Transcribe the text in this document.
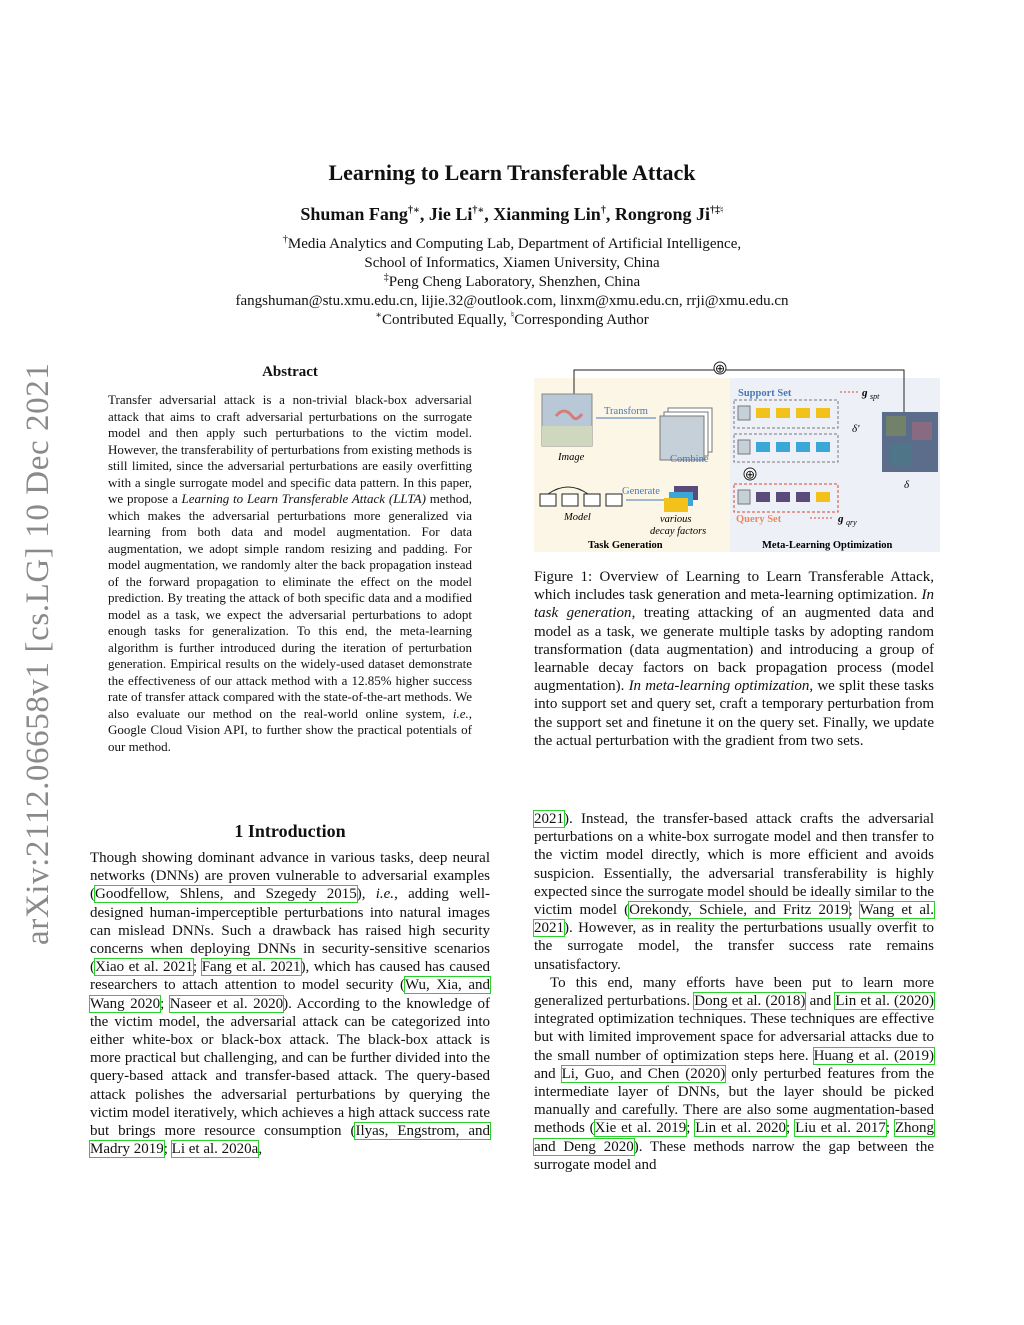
arXiv:2112.06658v1 [cs.LG] 10 Dec 2021
Learning to Learn Transferable Attack
Shuman Fang†∗, Jie Li†∗, Xianming Lin†, Rongrong Ji†‡♮
†Media Analytics and Computing Lab, Department of Artificial Intelligence,
School of Informatics, Xiamen University, China
‡Peng Cheng Laboratory, Shenzhen, China
fangshuman@stu.xmu.edu.cn, lijie.32@outlook.com, linxm@xmu.edu.cn, rrji@xmu.edu.cn
∗Contributed Equally, ♮Corresponding Author
Abstract
Transfer adversarial attack is a non-trivial black-box adversarial attack that aims to craft adversarial perturbations on the surrogate model and then apply such perturbations to the victim model. However, the transferability of perturbations from existing methods is still limited, since the adversarial perturbations are easily overfitting with a single surrogate model and specific data pattern. In this paper, we propose a Learning to Learn Transferable Attack (LLTA) method, which makes the adversarial perturbations more generalized via learning from both data and model augmentation. For data augmentation, we adopt simple random resizing and padding. For model augmentation, we randomly alter the back propagation instead of the forward propagation to eliminate the effect on the model prediction. By treating the attack of both specific data and a modified model as a task, we expect the adversarial perturbations to adopt enough tasks for generalization. To this end, the meta-learning algorithm is further introduced during the iteration of perturbation generation. Empirical results on the widely-used dataset demonstrate the effectiveness of our attack method with a 12.85% higher success rate of transfer attack compared with the state-of-the-art methods. We also evaluate our method on the real-world online system, i.e., Google Cloud Vision API, to further show the practical potentials of our method.
1 Introduction
Though showing dominant advance in various tasks, deep neural networks (DNNs) are proven vulnerable to adversarial examples (Goodfellow, Shlens, and Szegedy 2015), i.e., adding well-designed human-imperceptible perturbations into natural images can mislead DNNs. Such a drawback has raised high security concerns when deploying DNNs in security-sensitive scenarios (Xiao et al. 2021; Fang et al. 2021), which has caused has caused researchers to attach attention to model security (Wu, Xia, and Wang 2020; Naseer et al. 2020). According to the knowledge of the victim model, the adversarial attack can be categorized into either white-box or black-box attack. The black-box attack is more practical but challenging, and can be further divided into the query-based attack and transfer-based attack. The query-based attack polishes the adversarial perturbations by querying the victim model iteratively, which achieves a high attack success rate but brings more resource consumption (Ilyas, Engstrom, and Madry 2019; Li et al. 2020a,
⊕
Image
Transform
Combine
Model
Generate
various
decay factors
Task Generation
Support Set	g spt
δ'
⊕
Query Set	g qry
δ
Meta-Learning Optimization
Figure 1: Overview of Learning to Learn Transferable Attack, which includes task generation and meta-learning optimization. In task generation, treating attacking of an augmented data and model as a task, we generate multiple tasks by adopting random transformation (data augmentation) and introducing a group of learnable decay factors on back propagation process (model augmentation). In meta-learning optimization, we split these tasks into support set and query set, craft a temporary perturbation from the support set and finetune it on the query set. Finally, we update the actual perturbation with the gradient from two sets.

2021). Instead, the transfer-based attack crafts the adversarial perturbations on a white-box surrogate model and then transfer to the victim model directly, which is more efficient and avoids suspicion. Essentially, the adversarial transferability is highly expected since the surrogate model should be ideally similar to the victim model (Orekondy, Schiele, and Fritz 2019; Wang et al. 2021). However, as in reality the perturbations usually overfit to the surrogate model, the transfer success rate remains unsatisfactory.

To this end, many efforts have been put to learn more generalized perturbations. Dong et al. (2018) and Lin et al. (2020) integrated optimization techniques. These techniques are effective but with limited improvement space for adversarial attacks due to the small number of optimization steps here. Huang et al. (2019) and Li, Guo, and Chen (2020) only perturbed features from the intermediate layer of DNNs, but the layer should be picked manually and carefully. There are also some augmentation-based methods (Xie et al. 2019; Lin et al. 2020; Liu et al. 2017; Zhong and Deng 2020). These methods narrow the gap between the surrogate model and
